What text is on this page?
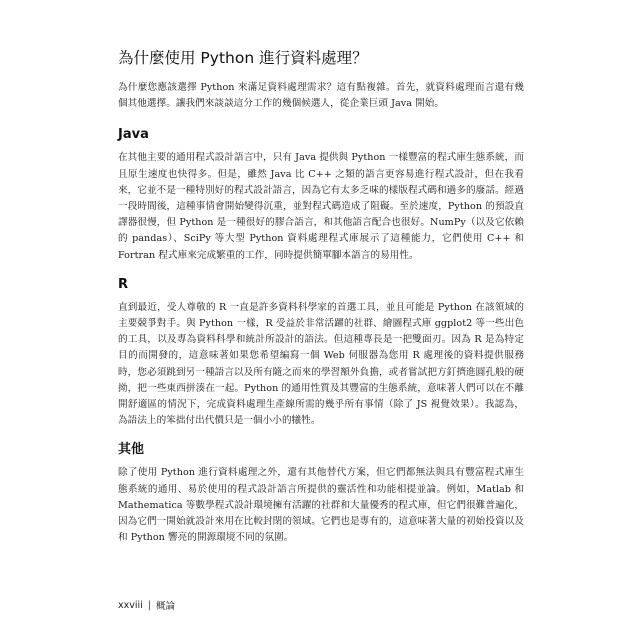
為什麼使用 Python 進行資料處理？

為什麼您應該選擇 Python 來滿足資料處理需求？這有點複雜。首先，就資料處理而言還有幾個其他選擇。讓我們來談談這分工作的幾個候選人，從企業巨頭 Java 開始。

Java

在其他主要的通用程式設計語言中，只有 Java 提供與 Python 一樣豐富的程式庫生態系統，而且原生速度也快得多。但是，雖然 Java 比 C++ 之類的語言更容易進行程式設計，但在我看來，它並不是一種特別好的程式設計語言，因為它有太多乏味的樣版程式碼和過多的廢話。經過一段時間後，這種事情會開始變得沉重，並對程式碼造成了阻礙。至於速度，Python 的預設直譯器很慢，但 Python 是一種很好的膠合語言，和其他語言配合也很好。NumPy（以及它依賴的 pandas）、SciPy 等大型 Python 資料處理程式庫展示了這種能力，它們使用 C++ 和 Fortran 程式庫來完成繁重的工作，同時提供簡單腳本語言的易用性。

R

直到最近，受人尊敬的 R 一直是許多資料科學家的首選工具，並且可能是 Python 在該領域的主要競爭對手。與 Python 一樣，R 受益於非常活躍的社群、繪圖程式庫 ggplot2 等一些出色的工具，以及專為資料科學和統計所設計的語法。但這種專長是一把雙面刃。因為 R 是為特定目的而開發的，這意味著如果您希望編寫一個 Web 伺服器為您用 R 處理後的資料提供服務時，您必須跳到另一種語言以及所有隨之而來的學習額外負擔，或者嘗試把方釘擠進圓孔般的硬拗，把一些東西拼湊在一起。Python 的通用性質及其豐富的生態系統，意味著人們可以在不離開舒適區的情況下，完成資料處理生產線所需的幾乎所有事情（除了 JS 視覺效果）。我認為，為語法上的笨拙付出代價只是一個小小的犧牲。

其他

除了使用 Python 進行資料處理之外，還有其他替代方案，但它們都無法與具有豐富程式庫生態系統的通用、易於使用的程式設計語言所提供的靈活性和功能相提並論。例如，Matlab 和 Mathematica 等數學程式設計環境擁有活躍的社群和大量優秀的程式庫，但它們很難普遍化，因為它們一開始就設計來用在比較封閉的領域。它們也是專有的，這意味著大量的初始投資以及和 Python 響亮的開源環境不同的氛圍。

xxviii | 概論
